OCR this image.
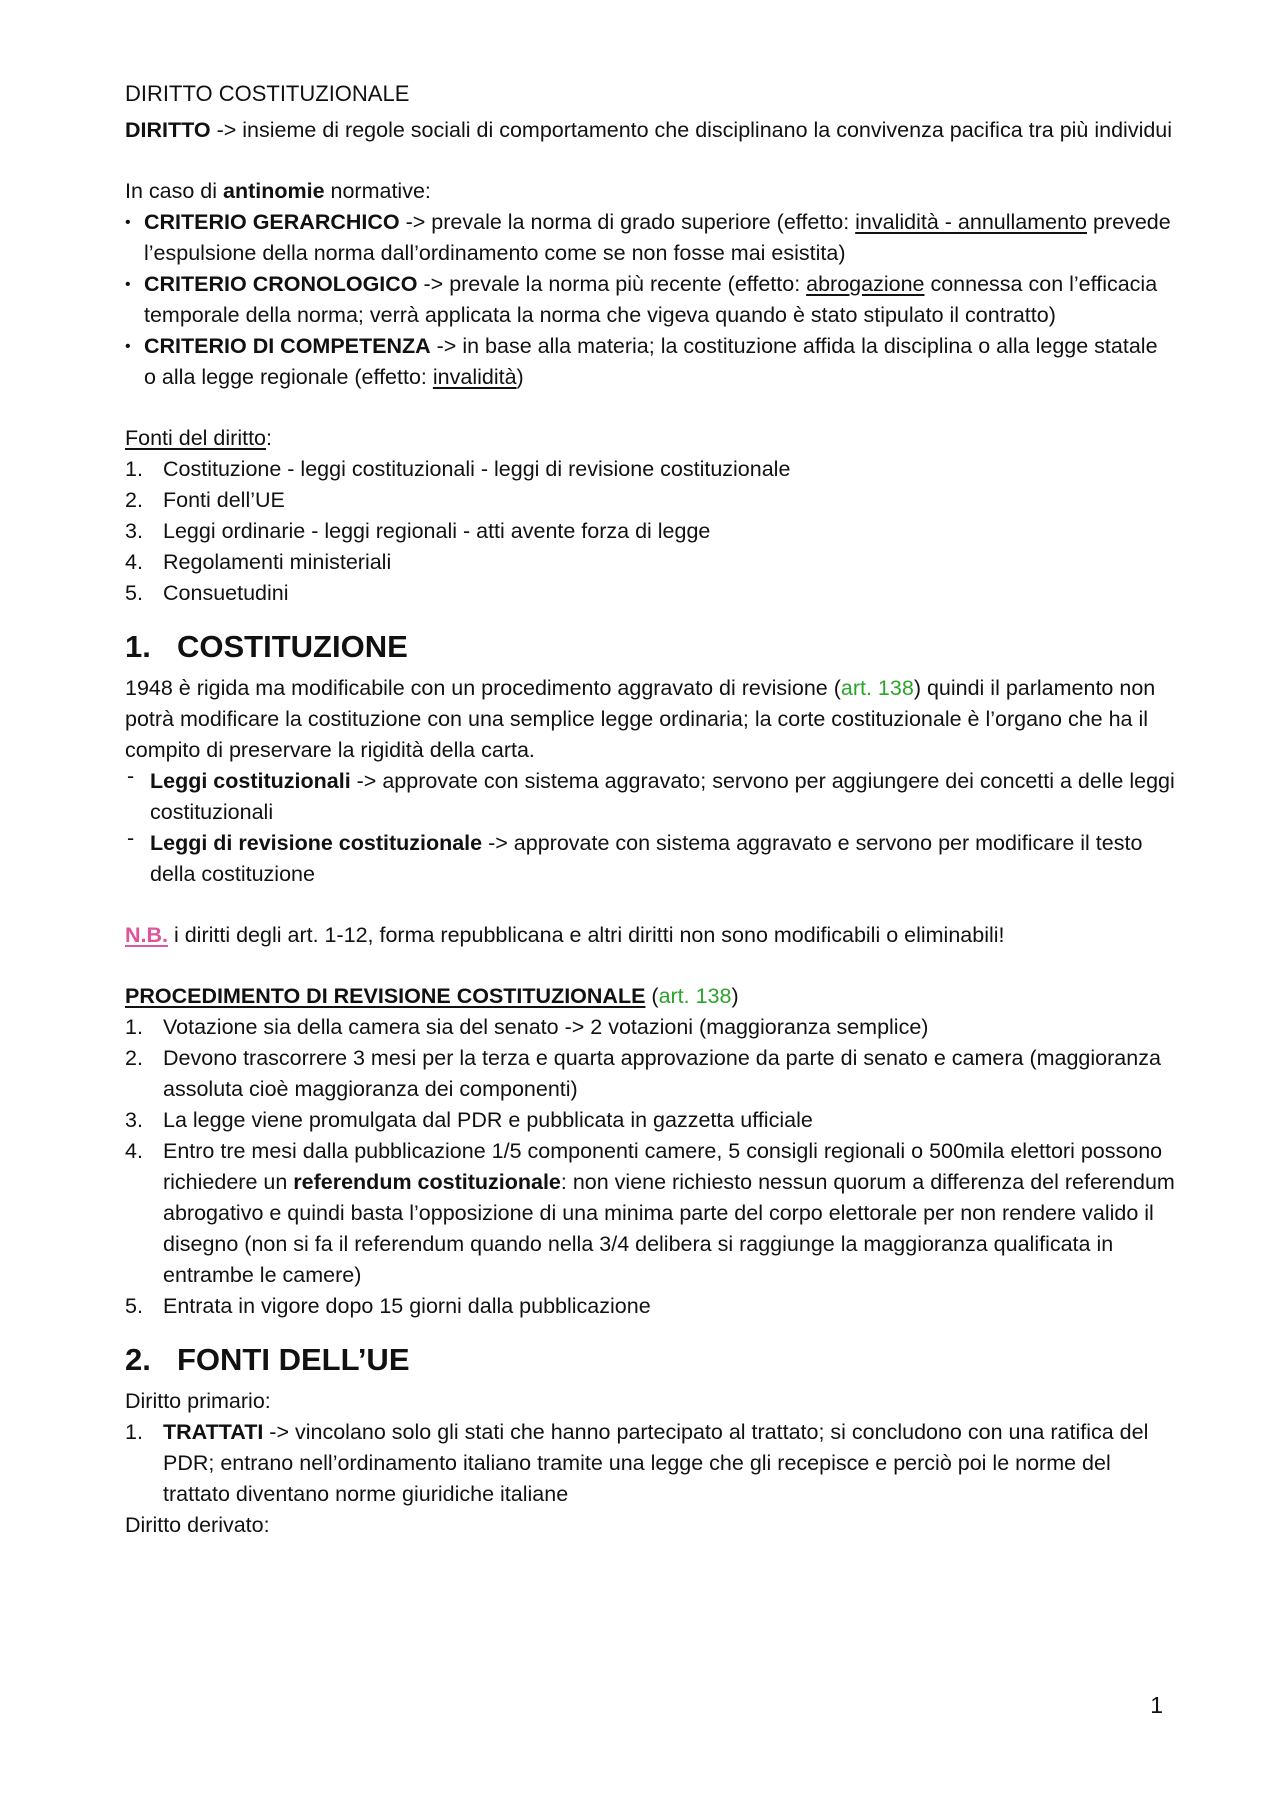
DIRITTO COSTITUZIONALE

DIRITTO -> insieme di regole sociali di comportamento che disciplinano la convivenza pacifica tra più individui

In caso di antinomie normative:

• CRITERIO GERARCHICO -> prevale la norma di grado superiore (effetto: invalidità - annullamento prevede l’espulsione della norma dall’ordinamento come se non fosse mai esistita)
• CRITERIO CRONOLOGICO -> prevale la norma più recente (effetto: abrogazione connessa con l’efficacia temporale della norma; verrà applicata la norma che vigeva quando è stato stipulato il contratto)
• CRITERIO DI COMPETENZA -> in base alla materia; la costituzione affida la disciplina o alla legge statale o alla legge regionale (effetto: invalidità)

Fonti del diritto:

1. Costituzione - leggi costituzionali - leggi di revisione costituzionale
2. Fonti dell’UE
3. Leggi ordinarie - leggi regionali - atti avente forza di legge
4. Regolamenti ministeriali
5. Consuetudini
1. COSTITUZIONE

1948 è rigida ma modificabile con un procedimento aggravato di revisione (art. 138) quindi il parlamento non potrà modificare la costituzione con una semplice legge ordinaria; la corte costituzionale è l’organo che ha il compito di preservare la rigidità della carta.

- Leggi costituzionali -> approvate con sistema aggravato; servono per aggiungere dei concetti a delle leggi costituzionali
- Leggi di revisione costituzionale -> approvate con sistema aggravato e servono per modificare il testo della costituzione

N.B. i diritti degli art. 1-12, forma repubblicana e altri diritti non sono modificabili o eliminabili!

PROCEDIMENTO DI REVISIONE COSTITUZIONALE (art. 138)

1. Votazione sia della camera sia del senato -> 2 votazioni (maggioranza semplice)
2. Devono trascorrere 3 mesi per la terza e quarta approvazione da parte di senato e camera (maggioranza assoluta cioè maggioranza dei componenti)
3. La legge viene promulgata dal PDR e pubblicata in gazzetta ufficiale
4. Entro tre mesi dalla pubblicazione 1/5 componenti camere, 5 consigli regionali o 500mila elettori possono richiedere un referendum costituzionale: non viene richiesto nessun quorum a differenza del referendum abrogativo e quindi basta l’opposizione di una minima parte del corpo elettorale per non rendere valido il disegno (non si fa il referendum quando nella 3/4 delibera si raggiunge la maggioranza qualificata in entrambe le camere)
5. Entrata in vigore dopo 15 giorni dalla pubblicazione
2. FONTI DELL’UE

Diritto primario:

1. TRATTATI -> vincolano solo gli stati che hanno partecipato al trattato; si concludono con una ratifica del PDR; entrano nell’ordinamento italiano tramite una legge che gli recepisce e perciò poi le norme del trattato diventano norme giuridiche italiane

Diritto derivato:

1
